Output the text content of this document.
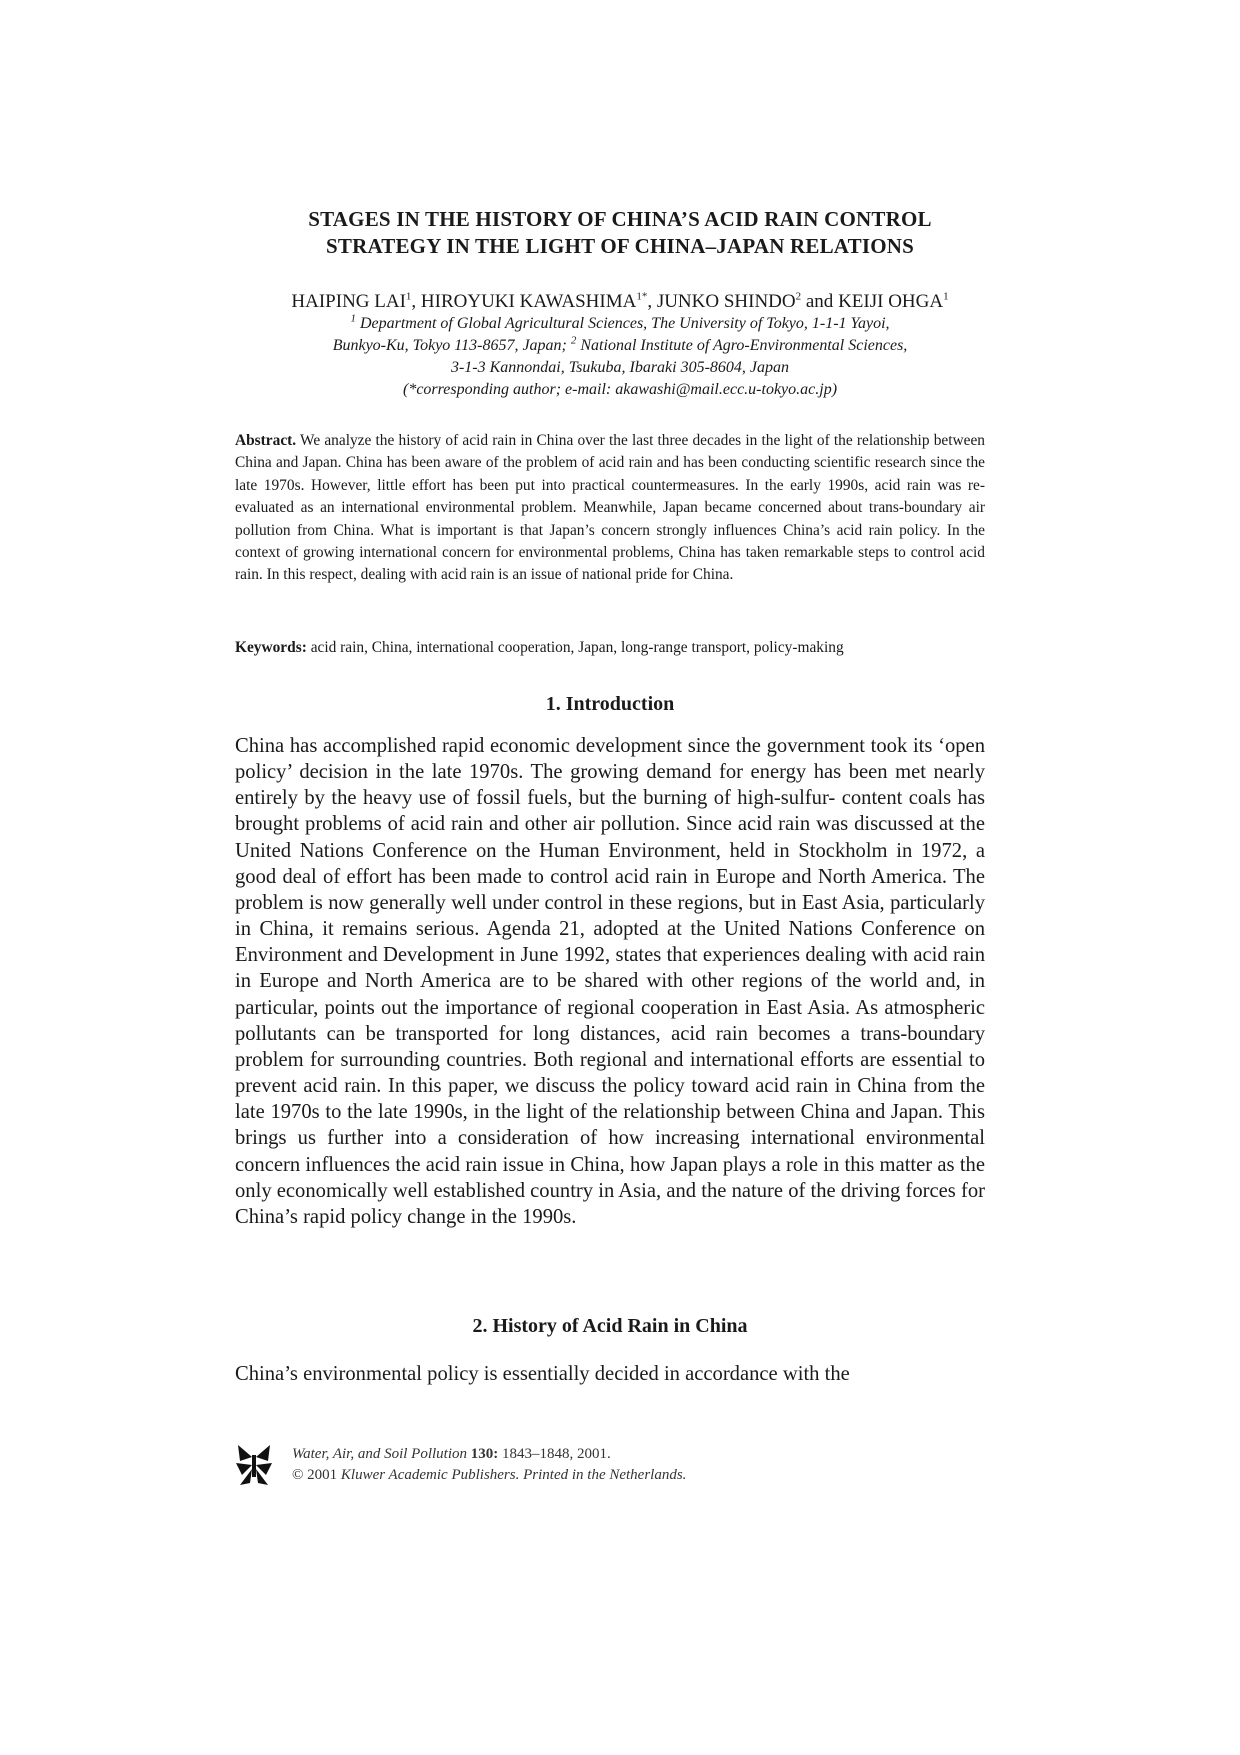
STAGES IN THE HISTORY OF CHINA’S ACID RAIN CONTROL
STRATEGY IN THE LIGHT OF CHINA–JAPAN RELATIONS
HAIPING LAI$^1$, HIROYUKI $KAWASHIMA^{1*}$, JUNKO SHINDO$^2$ and KEIJI OHGA$^1$
$^1$ Department of Global Agricultural Sciences, The University of Tokyo, 1-1-1 Yayoi,
Bunkyo-Ku, Tokyo 113-8657, Japan; $^2$ National Institute of Agro-Environmental Sciences,
3-1-3 Kannondai, Tsukuba, Ibaraki 305-8604, Japan
(*corresponding author; e-mail: akawashi@mail.ecc.u-tokyo.ac.jp)
Abstract. We analyze the history of acid rain in China over the last three decades in the light of the relationship between China and Japan. China has been aware of the problem of acid rain and has been conducting scientific research since the late 1970s. However, little effort has been put into practical countermeasures. In the early 1990s, acid rain was re-evaluated as an international environmental problem. Meanwhile, Japan became concerned about trans-boundary air pollution from China. What is important is that Japan’s concern strongly influences China’s acid rain policy. In the context of growing international concern for environmental problems, China has taken remarkable steps to control acid rain. In this respect, dealing with acid rain is an issue of national pride for China.
Keywords: acid rain, China, international cooperation, Japan, long-range transport, policy-making
1. Introduction
China has accomplished rapid economic development since the government took its ‘open policy’ decision in the late 1970s. The growing demand for energy has been met nearly entirely by the heavy use of fossil fuels, but the burning of high-sulfur- content coals has brought problems of acid rain and other air pollution. Since acid rain was discussed at the United Nations Conference on the Human Environment, held in Stockholm in 1972, a good deal of effort has been made to control acid rain in Europe and North America. The problem is now generally well under control in these regions, but in East Asia, particularly in China, it remains serious. Agenda 21, adopted at the United Nations Conference on Environment and Development in June 1992, states that experiences dealing with acid rain in Europe and North America are to be shared with other regions of the world and, in particular, points out the importance of regional cooperation in East Asia. As atmospheric pollutants can be transported for long distances, acid rain becomes a trans-boundary problem for surrounding countries. Both regional and international efforts are essential to prevent acid rain. In this paper, we discuss the policy toward acid rain in China from the late 1970s to the late 1990s, in the light of the relationship between China and Japan. This brings us further into a consideration of how increasing international environmental concern influences the acid rain issue in China, how Japan plays a role in this matter as the only economically well established country in Asia, and the nature of the driving forces for China’s rapid policy change in the 1990s.
2. History of Acid Rain in China
China’s environmental policy is essentially decided in accordance with the
Water, Air, and Soil Pollution 130: 1843–1848, 2001.
© 2001 Kluwer Academic Publishers. Printed in the Netherlands.
